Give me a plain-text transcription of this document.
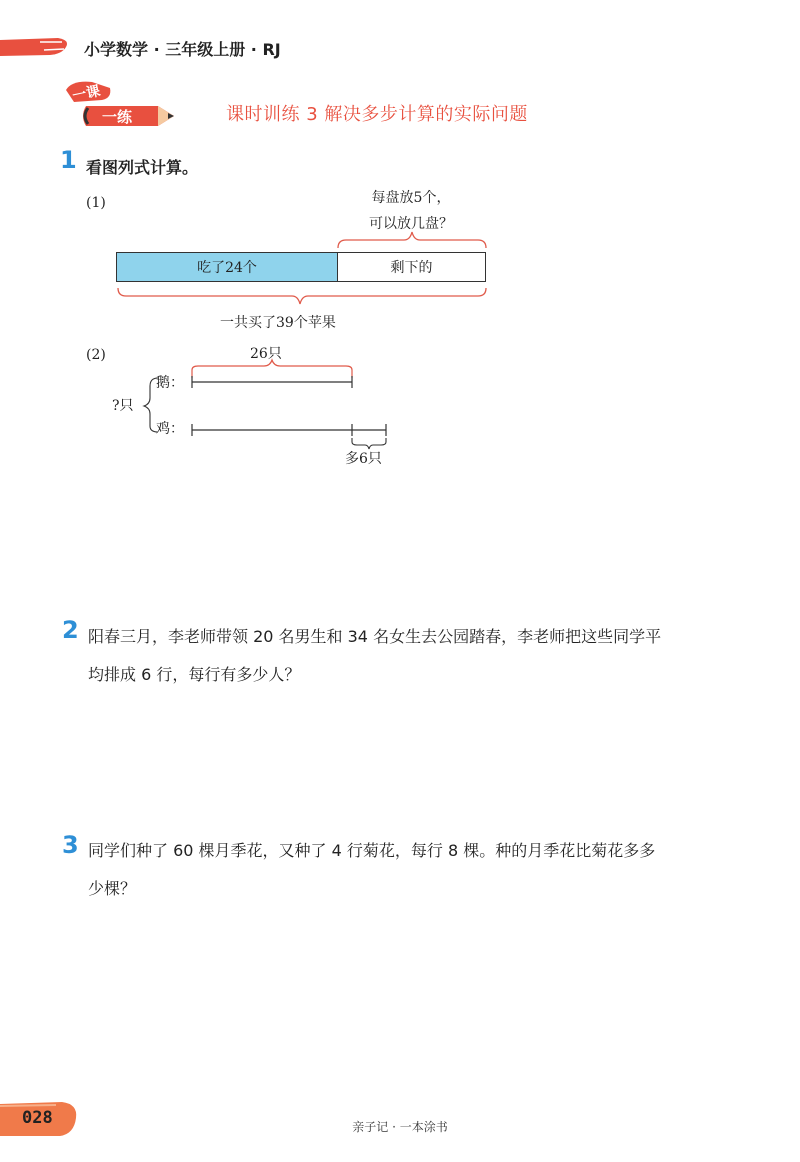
小学数学 · 三年级上册 · RJ
一课
一练	课时训练 3 解决多步计算的实际问题
1 看图列式计算。
(1)	每盘放5个，
可以放几盘？
吃了24个	剩下的
一共买了39个苹果
(2)	26只
鹅：
鸡：
?只
多6只
2 阳春三月，李老师带领 20 名男生和 34 名女生去公园踏春，李老师把这些同学平
均排成 6 行，每行有多少人？
3 同学们种了 60 棵月季花，又种了 4 行菊花，每行 8 棵。种的月季花比菊花多多
少棵？
028	亲子记 · 一本涂书
